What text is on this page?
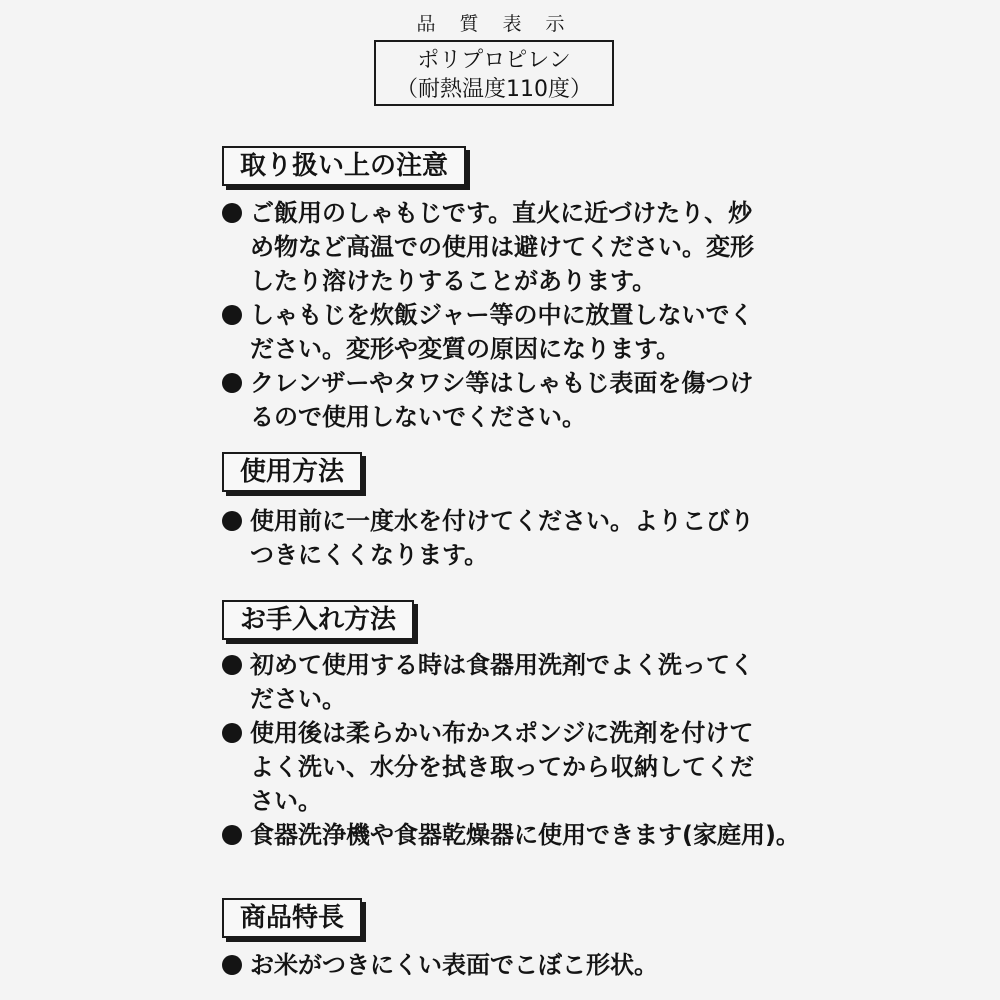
品 質 表 示
ポリプロピレン
（耐熱温度110度）
取り扱い上の注意
ご飯用のしゃもじです。直火に近づけたり、炒
め物など高温での使用は避けてください。変形
したり溶けたりすることがあります。
しゃもじを炊飯ジャー等の中に放置しないでく
ださい。変形や変質の原因になります。
クレンザーやタワシ等はしゃもじ表面を傷つけ
るので使用しないでください。
使用方法
使用前に一度水を付けてください。よりこびり
つきにくくなります。
お手入れ方法
初めて使用する時は食器用洗剤でよく洗ってく
ださい。
使用後は柔らかい布かスポンジに洗剤を付けて
よく洗い、水分を拭き取ってから収納してくだ
さい。
食器洗浄機や食器乾燥器に使用できます(家庭用)。
商品特長
お米がつきにくい表面でこぼこ形状。
